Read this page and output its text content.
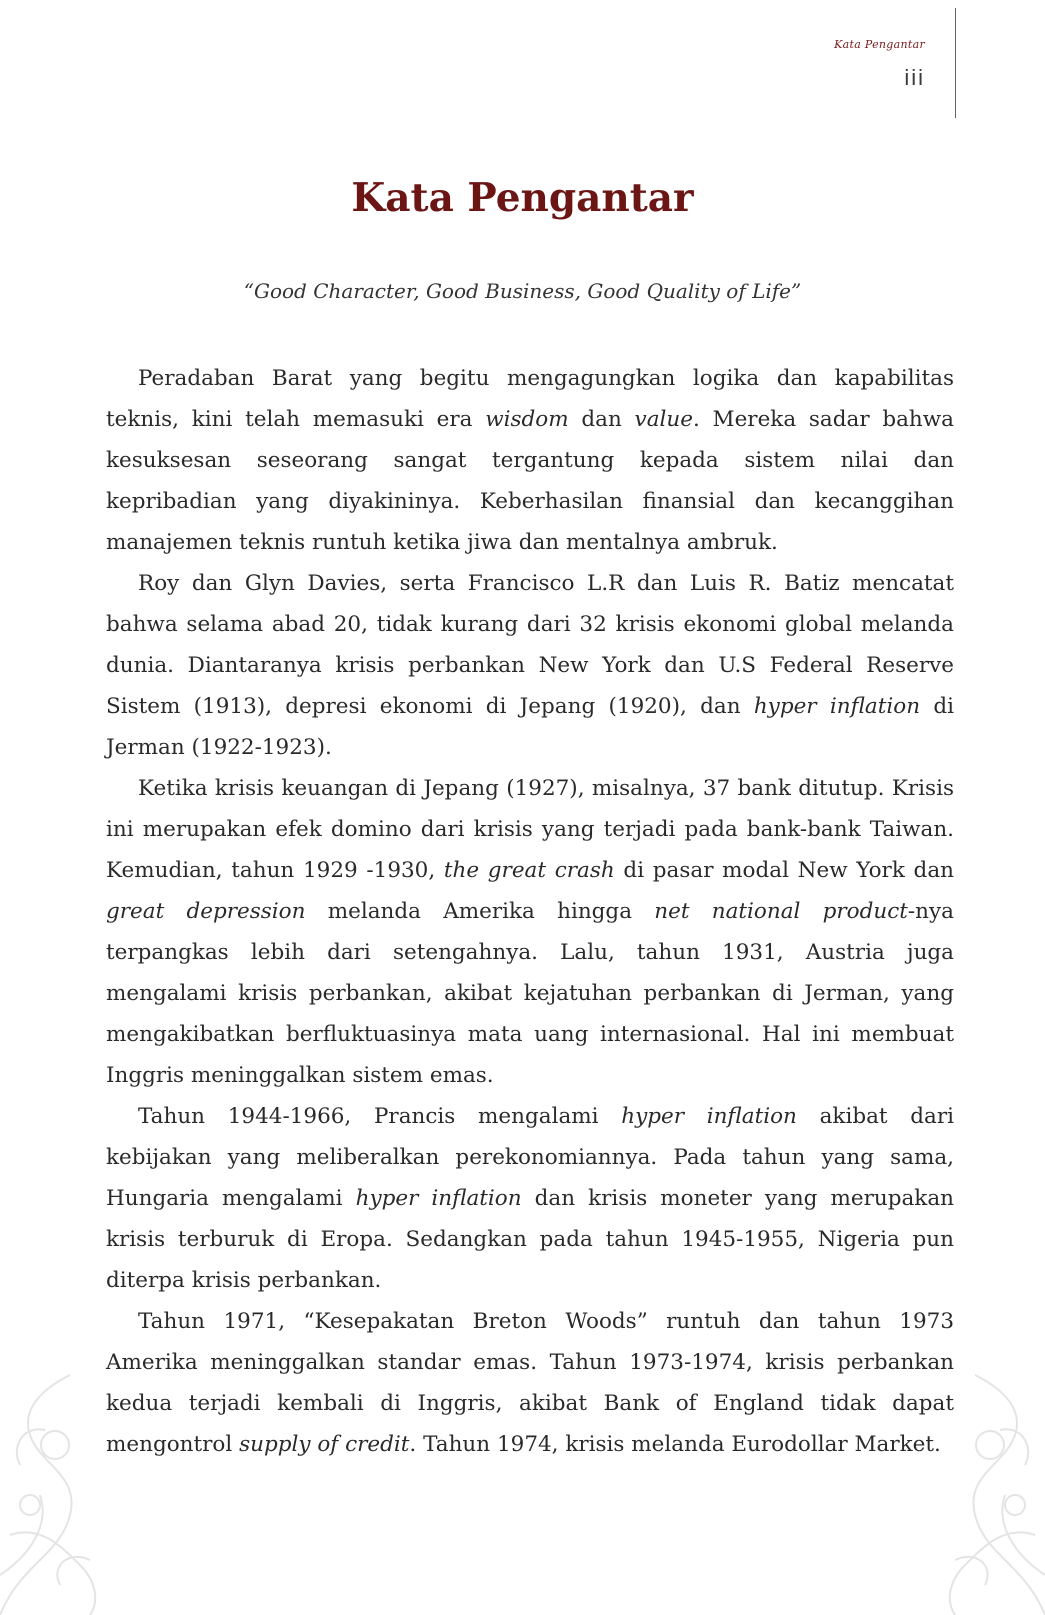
Kata Pengantar
iii
Kata Pengantar
“Good Character, Good Business, Good Quality of Life”

Peradaban Barat yang begitu mengagungkan logika dan kapabilitas teknis, kini telah memasuki era wisdom dan value. Mereka sadar bahwa kesuksesan seseorang sangat tergantung kepada sistem nilai dan kepribadian yang diyakininya. Keberhasilan finansial dan kecanggihan manajemen teknis runtuh ketika jiwa dan mentalnya ambruk.

Roy dan Glyn Davies, serta Francisco L.R dan Luis R. Batiz mencatat bahwa selama abad 20, tidak kurang dari 32 krisis ekonomi global melanda dunia. Diantaranya krisis perbankan New York dan U.S Federal Reserve Sistem (1913), depresi ekonomi di Jepang (1920), dan hyper inflation di Jerman (1922-1923).

Ketika krisis keuangan di Jepang (1927), misalnya, 37 bank ditutup. Krisis ini merupakan efek domino dari krisis yang terjadi pada bank-bank Taiwan. Kemudian, tahun 1929 -1930, the great crash di pasar modal New York dan great depression melanda Amerika hingga net national product-nya terpangkas lebih dari setengahnya. Lalu, tahun 1931, Austria juga mengalami krisis perbankan, akibat kejatuhan perbankan di Jerman, yang mengakibatkan berfluktuasinya mata uang internasional. Hal ini membuat Inggris meninggalkan sistem emas.

Tahun 1944-1966, Prancis mengalami hyper inflation akibat dari kebijakan yang meliberalkan perekonomiannya. Pada tahun yang sama, Hungaria mengalami hyper inflation dan krisis moneter yang merupakan krisis terburuk di Eropa. Sedangkan pada tahun 1945-1955, Nigeria pun diterpa krisis perbankan.

Tahun 1971, “Kesepakatan Breton Woods” runtuh dan tahun 1973 Amerika meninggalkan standar emas. Tahun 1973-1974, krisis perbankan kedua terjadi kembali di Inggris, akibat Bank of England tidak dapat mengontrol supply of credit. Tahun 1974, krisis melanda Eurodollar Market.
